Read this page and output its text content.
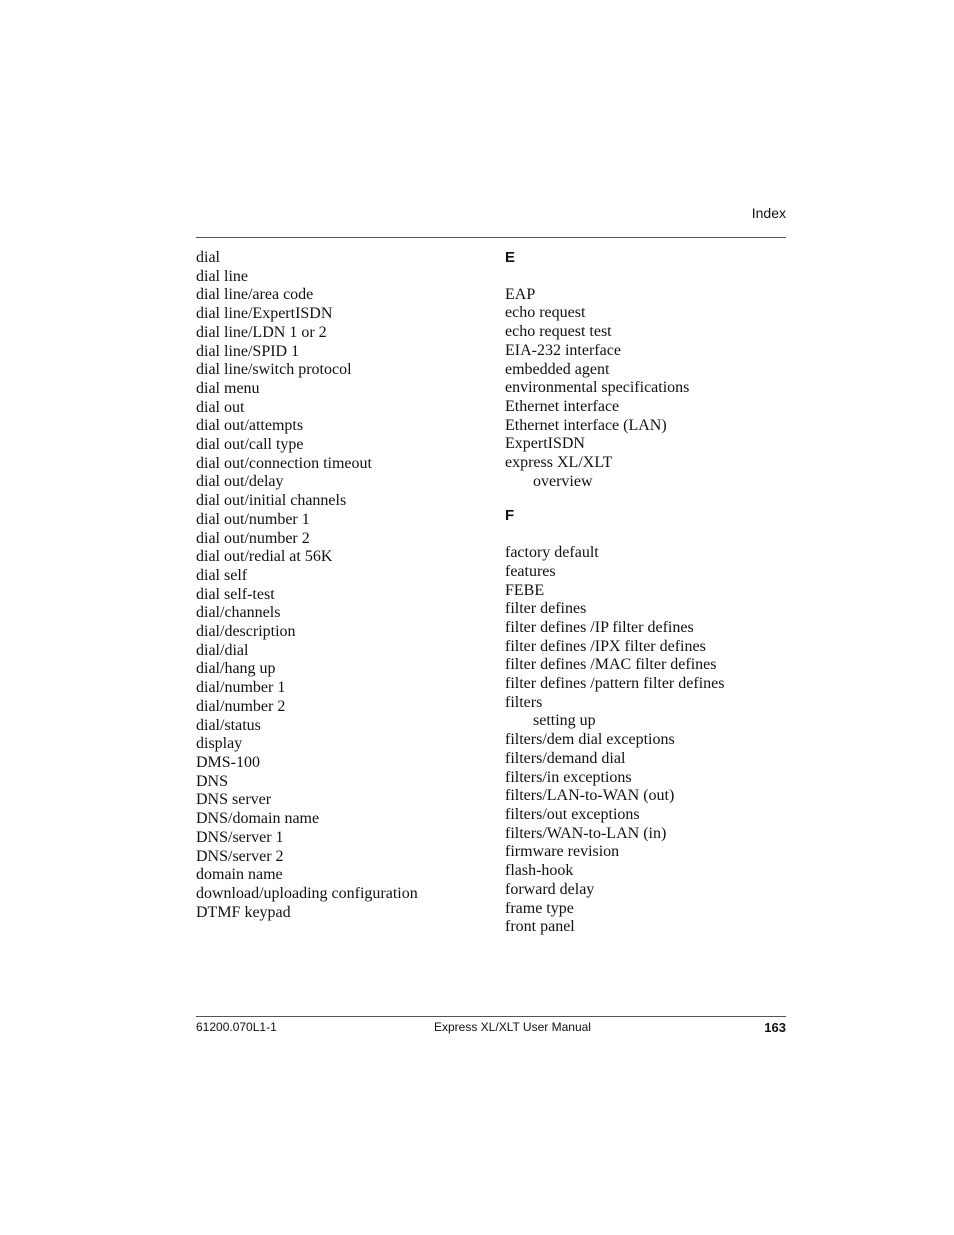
Index
dial
dial line
dial line/area code
dial line/ExpertISDN
dial line/LDN 1 or 2
dial line/SPID 1
dial line/switch protocol
dial menu
dial out
dial out/attempts
dial out/call type
dial out/connection timeout
dial out/delay
dial out/initial channels
dial out/number 1
dial out/number 2
dial out/redial at 56K
dial self
dial self-test
dial/channels
dial/description
dial/dial
dial/hang up
dial/number 1
dial/number 2
dial/status
display
DMS-100
DNS
DNS server
DNS/domain name
DNS/server 1
DNS/server 2
domain name
download/uploading configuration
DTMF keypad
E
EAP
echo request
echo request test
EIA-232 interface
embedded agent
environmental specifications
Ethernet interface
Ethernet interface (LAN)
ExpertISDN
express XL/XLT
overview
F
factory default
features
FEBE
filter defines
filter defines /IP filter defines
filter defines /IPX filter defines
filter defines /MAC filter defines
filter defines /pattern filter defines
filters
setting up
filters/dem dial exceptions
filters/demand dial
filters/in exceptions
filters/LAN-to-WAN (out)
filters/out exceptions
filters/WAN-to-LAN (in)
firmware revision
flash-hook
forward delay
frame type
front panel
61200.070L1-1	Express XL/XLT User Manual	163
